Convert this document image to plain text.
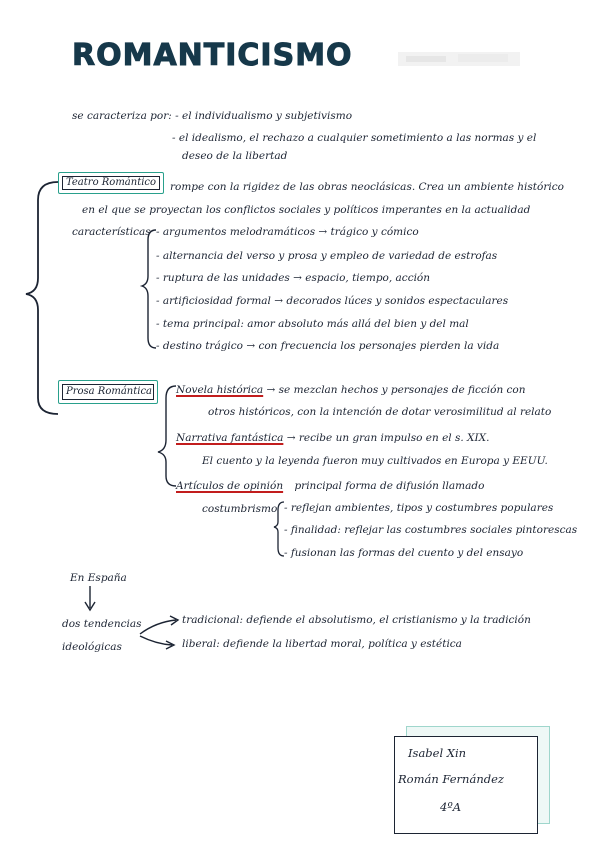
ROMANTICISMO
se caracteriza por: - el individualismo y subjetivismo
- el idealismo, el rechazo a cualquier sometimiento a las normas y el
deseo de la libertad
Teatro Romántico rompe con la rigidez de las obras neoclásicas. Crea un ambiente histórico
en el que se proyectan los conflictos sociales y políticos imperantes en la actualidad
características - argumentos melodramáticos → trágico y cómico
- alternancia del verso y prosa y empleo de variedad de estrofas
- ruptura de las unidades → espacio, tiempo, acción
- artificiosidad formal → decorados lúces y sonidos espectaculares
- tema principal: amor absoluto más allá del bien y del mal
- destino trágico → con frecuencia los personajes pierden la vida
Prosa Romántica Novela histórica → se mezclan hechos y personajes de ficción con
otros históricos, con la intención de dotar verosimilitud al relato
Narrativa fantástica → recibe un gran impulso en el s. XIX.
El cuento y la leyenda fueron muy cultivados en Europa y EEUU.
Artículos de opinión principal forma de difusión llamado
costumbrismo - reflejan ambientes, tipos y costumbres populares
- finalidad: reflejar las costumbres sociales pintorescas
- fusionan las formas del cuento y del ensayo
En España
dos tendencias
ideológicas
tradicional: defiende el absolutismo, el cristianismo y la tradición
liberal: defiende la libertad moral, política y estética
Isabel Xin
Román Fernández
4ºA
